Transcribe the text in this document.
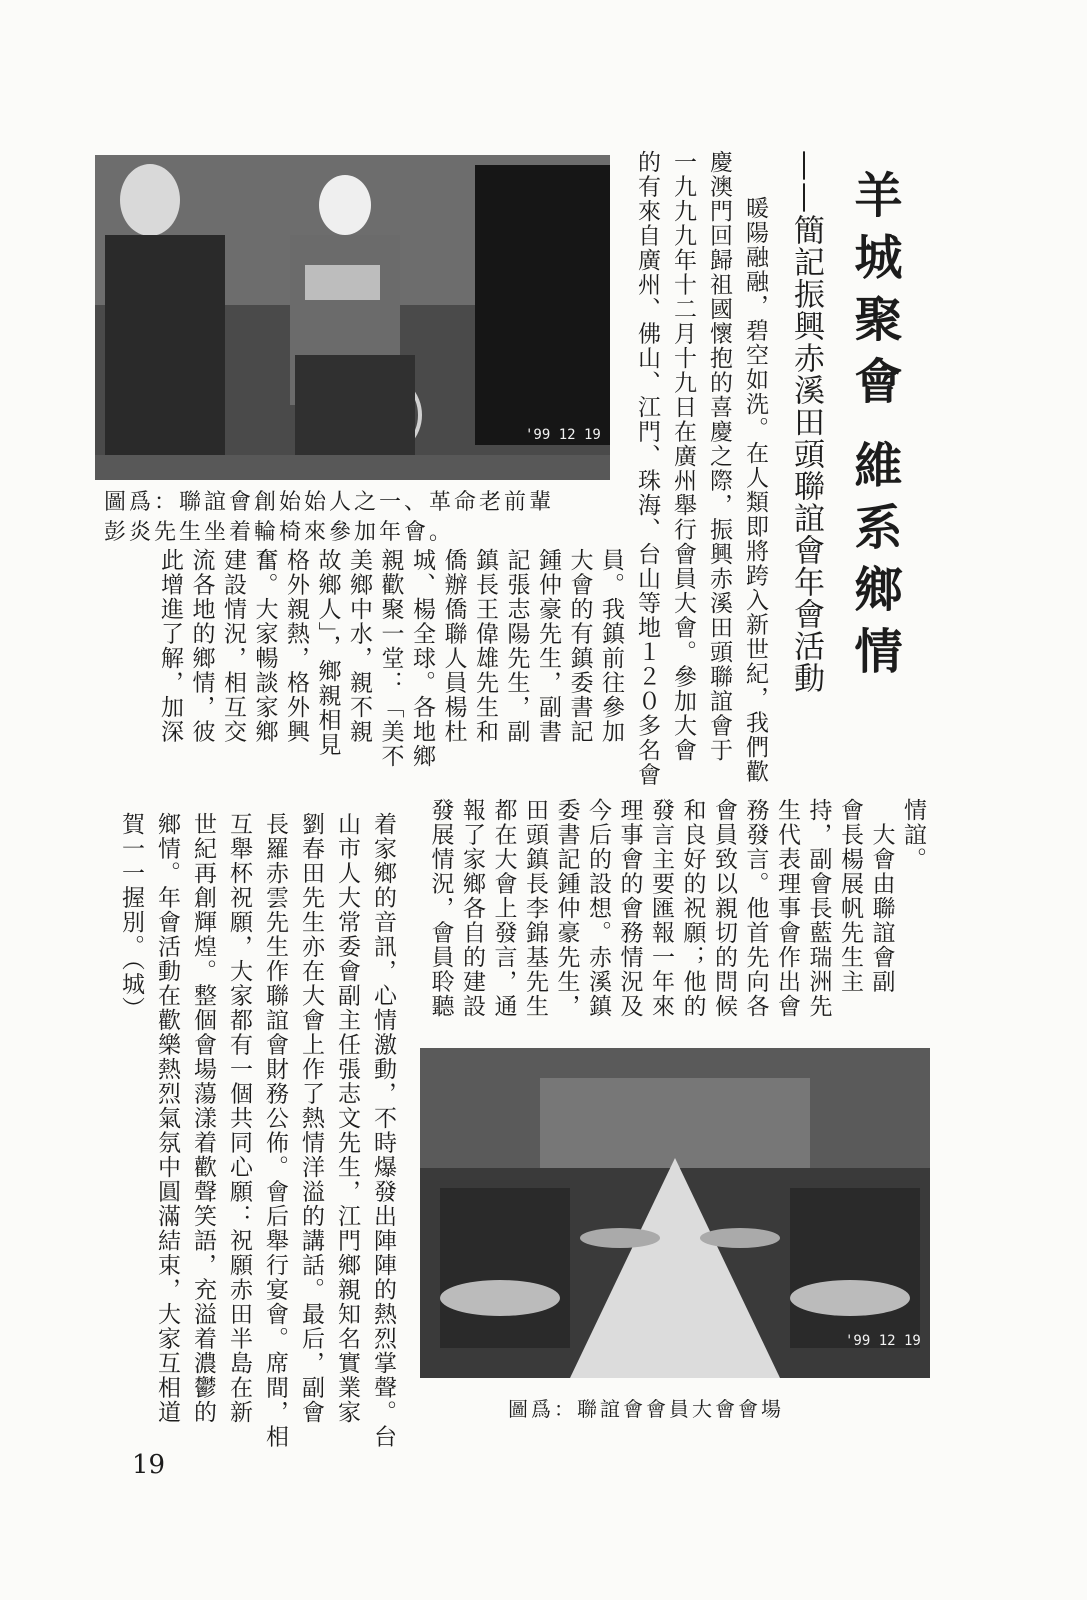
羊城聚會
維系鄉情
——簡記振興赤溪田頭聯誼會年會活動
暖陽融融，碧空如洗。在人類即將跨入新世紀，我們歡
慶澳門回歸祖國懷抱的喜慶之際，振興赤溪田頭聯誼會于
一九九九年十二月十九日在廣州舉行會員大會。參加大會
的有來自廣州、佛山、江門、珠海、台山等地１２０多名會
員。我鎮前往參加
大會的有鎮委書記
鍾仲豪先生，副書
記張志陽先生，副
鎮長王偉雄先生和
僑辦僑聯人員楊杜
城、楊全球。各地鄉
親歡聚一堂：「美不
美鄉中水，親不親
故鄉人」，鄉親相見
格外親熱，格外興
奮。大家暢談家鄉
建設情況，相互交
流各地的鄉情，彼
此增進了解，加深
情誼。
　大會由聯誼會副
會長楊展帆先生主
持，副會長藍瑞洲先
生代表理事會作出會
務發言。他首先向各
會員致以親切的問候
和良好的祝願；他的
發言主要匯報一年來
理事會的會務情況及
今后的設想。赤溪鎮
委書記鍾仲豪先生，
田頭鎮長李錦基先生
都在大會上發言，通
報了家鄉各自的建設
發展情況，會員聆聽
着家鄉的音訊，心情激動，不時爆發出陣陣的熱烈掌聲。台
山市人大常委會副主任張志文先生，江門鄉親知名實業家
劉春田先生亦在大會上作了熱情洋溢的講話。最后，副會
長羅赤雲先生作聯誼會財務公佈。會后舉行宴會。席間，相
互舉杯祝願，大家都有一個共同心願：祝願赤田半島在新
世紀再創輝煌。整個會場蕩漾着歡聲笑語，充溢着濃鬱的
鄉情。年會活動在歡樂熱烈氣氛中圓滿結束，大家互相道
賀一一握別。（城）
'99 12 19
圖爲：聯誼會創始始人之一、革命老前輩
彭炎先生坐着輪椅來參加年會。
'99 12 19
圖爲：聯誼會會員大會會場
19
